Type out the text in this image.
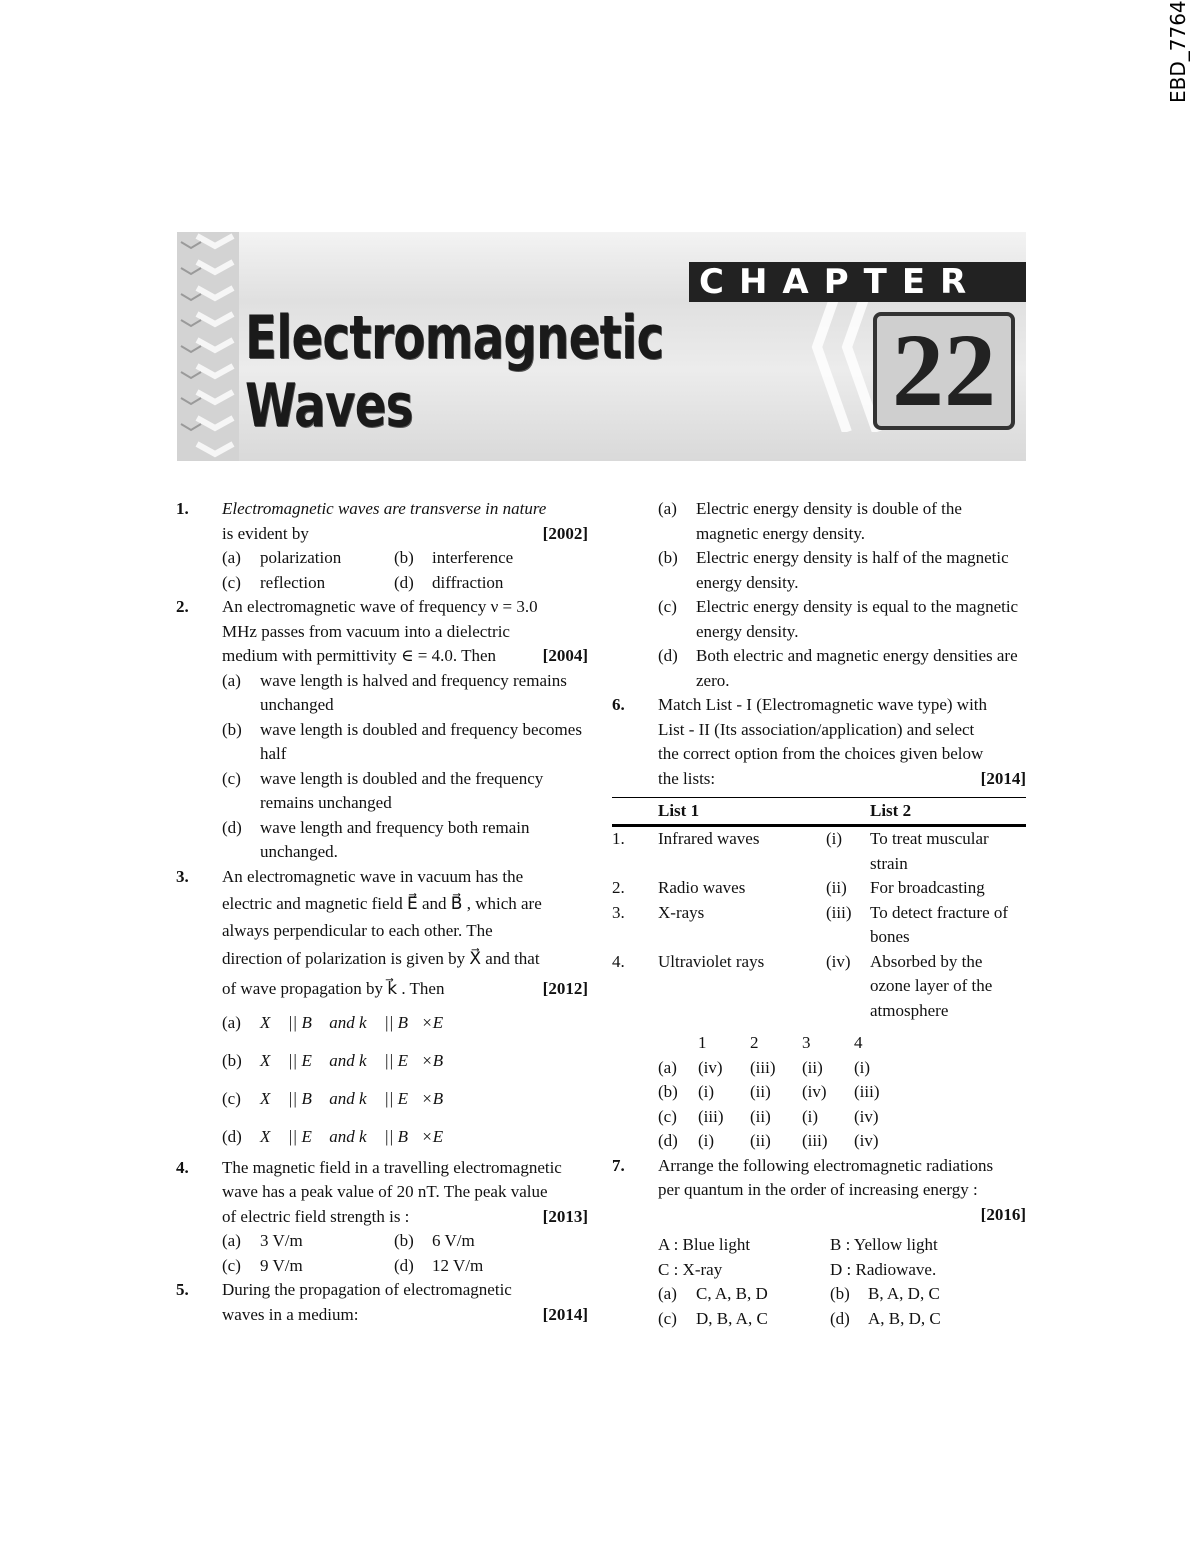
EBD_7764
Electromagnetic
Waves
CHAPTER
22
1. Electromagnetic waves are transverse in nature
is evident by	[2002]
(a) polarization	(b) interference
(c) reflection	(d) diffraction
2. An electromagnetic wave of frequency ν = 3.0
MHz passes from vacuum into a dielectric
medium with permittivity ∈ = 4.0. Then	[2004]
(a) wave length is halved and frequency remains unchanged
(b) wave length is doubled and frequency becomes half
(c) wave length is doubled and the frequency remains unchanged
(d) wave length and frequency both remain unchanged.
3. An electromagnetic wave in vacuum has the
electric and magnetic field E⃗ and B⃗ , which are
always perpendicular to each other. The
direction of polarization is given by X⃗ and that
of wave propagation by k⃗ . Then	[2012]
(a) X⃗ || B⃗ and k⃗ || B⃗×E⃗
(b) X⃗ || E⃗ and k⃗ || E⃗×B⃗
(c) X⃗ || B⃗ and k⃗ || E⃗×B⃗
(d) X⃗ || E⃗ and k⃗ || B⃗×E⃗
4. The magnetic field in a travelling electromagnetic
wave has a peak value of 20 nT. The peak value
of electric field strength is :	[2013]
(a) 3 V/m	(b) 6 V/m
(c) 9 V/m	(d) 12 V/m
5. During the propagation of electromagnetic
waves in a medium:	[2014]
(a) Electric energy density is double of the magnetic energy density.
(b) Electric energy density is half of the magnetic energy density.
(c) Electric energy density is equal to the magnetic energy density.
(d) Both electric and magnetic energy densities are zero.
6. Match List - I (Electromagnetic wave type) with
List - II (Its association/application) and select
the correct option from the choices given below
the lists:	[2014]
	List 1		List 2

1.	Infrared waves	(i)	To treat muscular strain
2.	Radio waves	(ii)	For broadcasting
3.	X-rays	(iii)	To detect fracture of bones
4.	Ultraviolet rays	(iv)	Absorbed by the ozone layer of the atmosphere
	1	2	3	4
(a)	(iv)	(iii)	(ii)	(i)
(b)	(i)	(ii)	(iv)	(iii)
(c)	(iii)	(ii)	(i)	(iv)
(d)	(i)	(ii)	(iii)	(iv)
7. Arrange the following electromagnetic radiations
per quantum in the order of increasing energy :
[2016]

A : Blue light	B : Yellow light
C : X-ray	D : Radiowave.
(a) C, A, B, D	(b) B, A, D, C
(c) D, B, A, C	(d) A, B, D, C
